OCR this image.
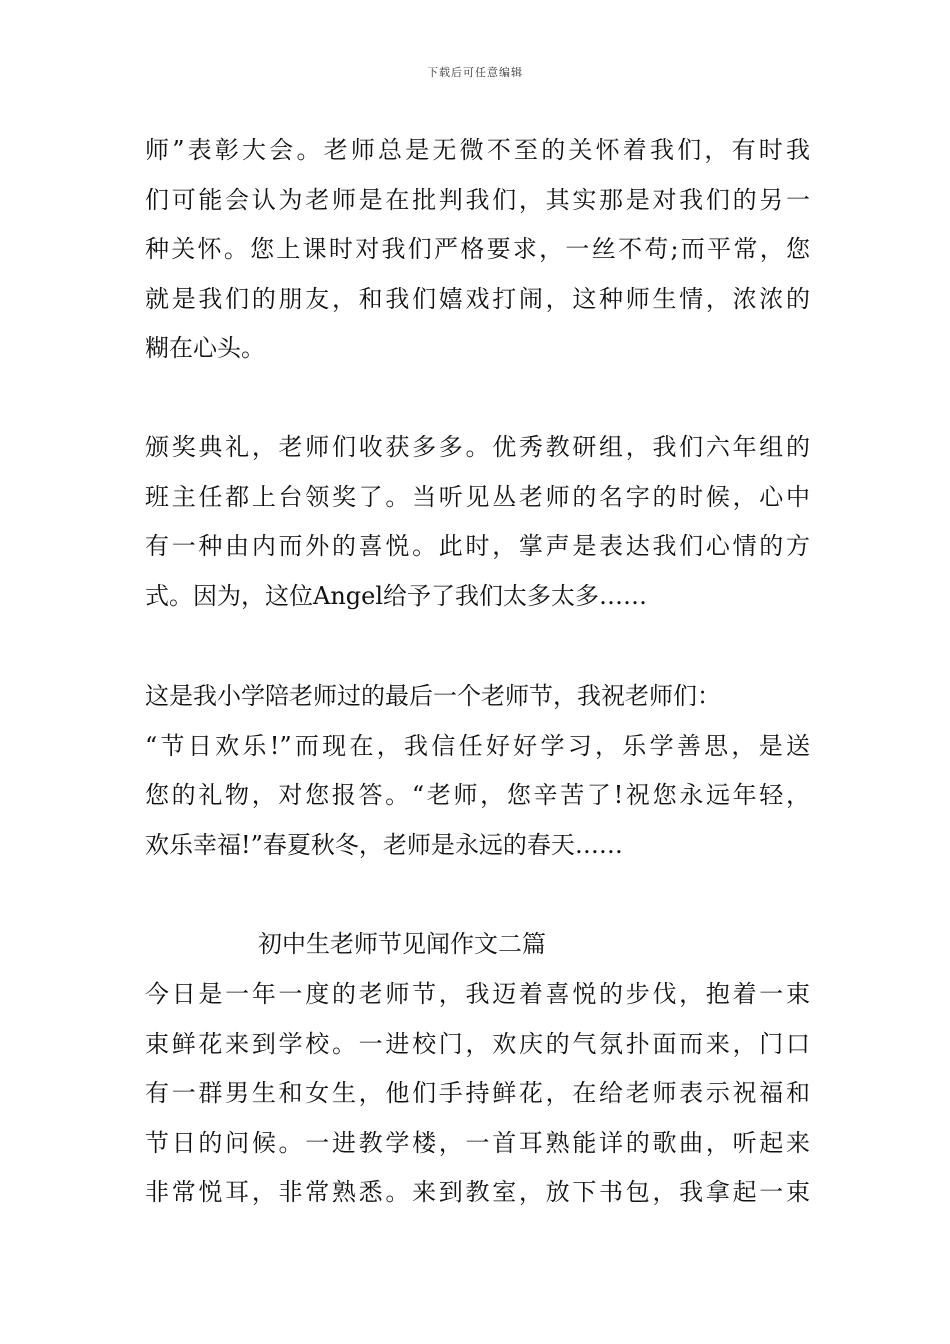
下载后可任意编辑
师”表彰大会。老师总是无微不至的关怀着我们，有时我
们可能会认为老师是在批判我们，其实那是对我们的另一
种关怀。您上课时对我们严格要求，一丝不苟;而平常，您
就是我们的朋友，和我们嬉戏打闹，这种师生情，浓浓的
糊在心头。
颁奖典礼，老师们收获多多。优秀教研组，我们六年组的
班主任都上台领奖了。当听见丛老师的名字的时候，心中
有一种由内而外的喜悦。此时，掌声是表达我们心情的方
式。因为，这位Angel给予了我们太多太多……
这是我小学陪老师过的最后一个老师节，我祝老师们：
“节日欢乐!”而现在，我信任好好学习，乐学善思，是送
您的礼物，对您报答。“老师，您辛苦了!祝您永远年轻，
欢乐幸福!”春夏秋冬，老师是永远的春天……
初中生老师节见闻作文二篇
今日是一年一度的老师节，我迈着喜悦的步伐，抱着一束
束鲜花来到学校。一进校门，欢庆的气氛扑面而来，门口
有一群男生和女生，他们手持鲜花，在给老师表示祝福和
节日的问候。一进教学楼，一首耳熟能详的歌曲，听起来
非常悦耳，非常熟悉。来到教室，放下书包，我拿起一束
